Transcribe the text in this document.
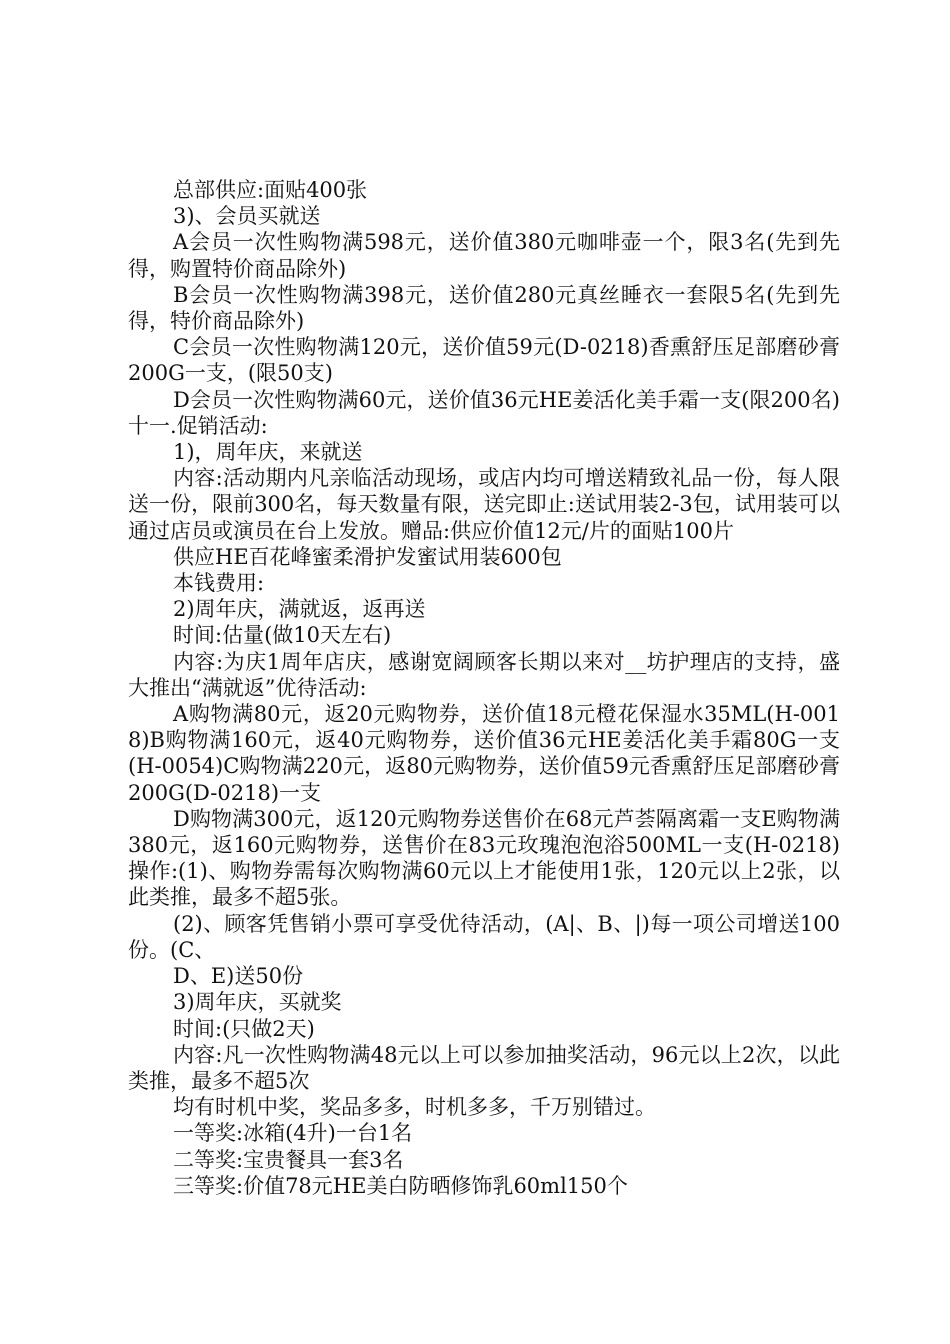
总部供应:面贴400张

3)、会员买就送

A会员一次性购物满598元，送价值380元咖啡壶一个，限3名(先到先得，购置特价商品除外)

B会员一次性购物满398元，送价值280元真丝睡衣一套限5名(先到先得，特价商品除外)

C会员一次性购物满120元，送价值59元(D-0218)香熏舒压足部磨砂膏200G一支，(限50支)

D会员一次性购物满60元，送价值36元HE姜活化美手霜一支(限200名)十一.促销活动:

1)，周年庆，来就送

内容:活动期内凡亲临活动现场，或店内均可增送精致礼品一份，每人限送一份，限前300名，每天数量有限，送完即止:送试用装2-3包，试用装可以通过店员或演员在台上发放。赠品:供应价值12元/片的面贴100片

供应HE百花峰蜜柔滑护发蜜试用装600包

本钱费用:

2)周年庆，满就返，返再送

时间:估量(做10天左右)

内容:为庆1周年店庆，感谢宽阔顾客长期以来对__坊护理店的支持，盛大推出“满就返”优待活动:

A购物满80元，返20元购物券，送价值18元橙花保湿水35ML(H-0018)B购物满160元，返40元购物券，送价值36元HE姜活化美手霜80G一支(H-0054)C购物满220元，返80元购物券，送价值59元香熏舒压足部磨砂膏200G(D-0218)一支

D购物满300元，返120元购物券送售价在68元芦荟隔离霜一支E购物满380元，返160元购物券，送售价在83元玫瑰泡泡浴500ML一支(H-0218)操作:(1)、购物券需每次购物满60元以上才能使用1张，120元以上2张，以此类推，最多不超5张。

(2)、顾客凭售销小票可享受优待活动，(A|、B、|)每一项公司增送100份。(C、

D、E)送50份

3)周年庆，买就奖

时间:(只做2天)

内容:凡一次性购物满48元以上可以参加抽奖活动，96元以上2次，以此类推，最多不超5次

均有时机中奖，奖品多多，时机多多，千万别错过。

一等奖:冰箱(4升)一台1名

二等奖:宝贵餐具一套3名

三等奖:价值78元HE美白防晒修饰乳60ml150个
